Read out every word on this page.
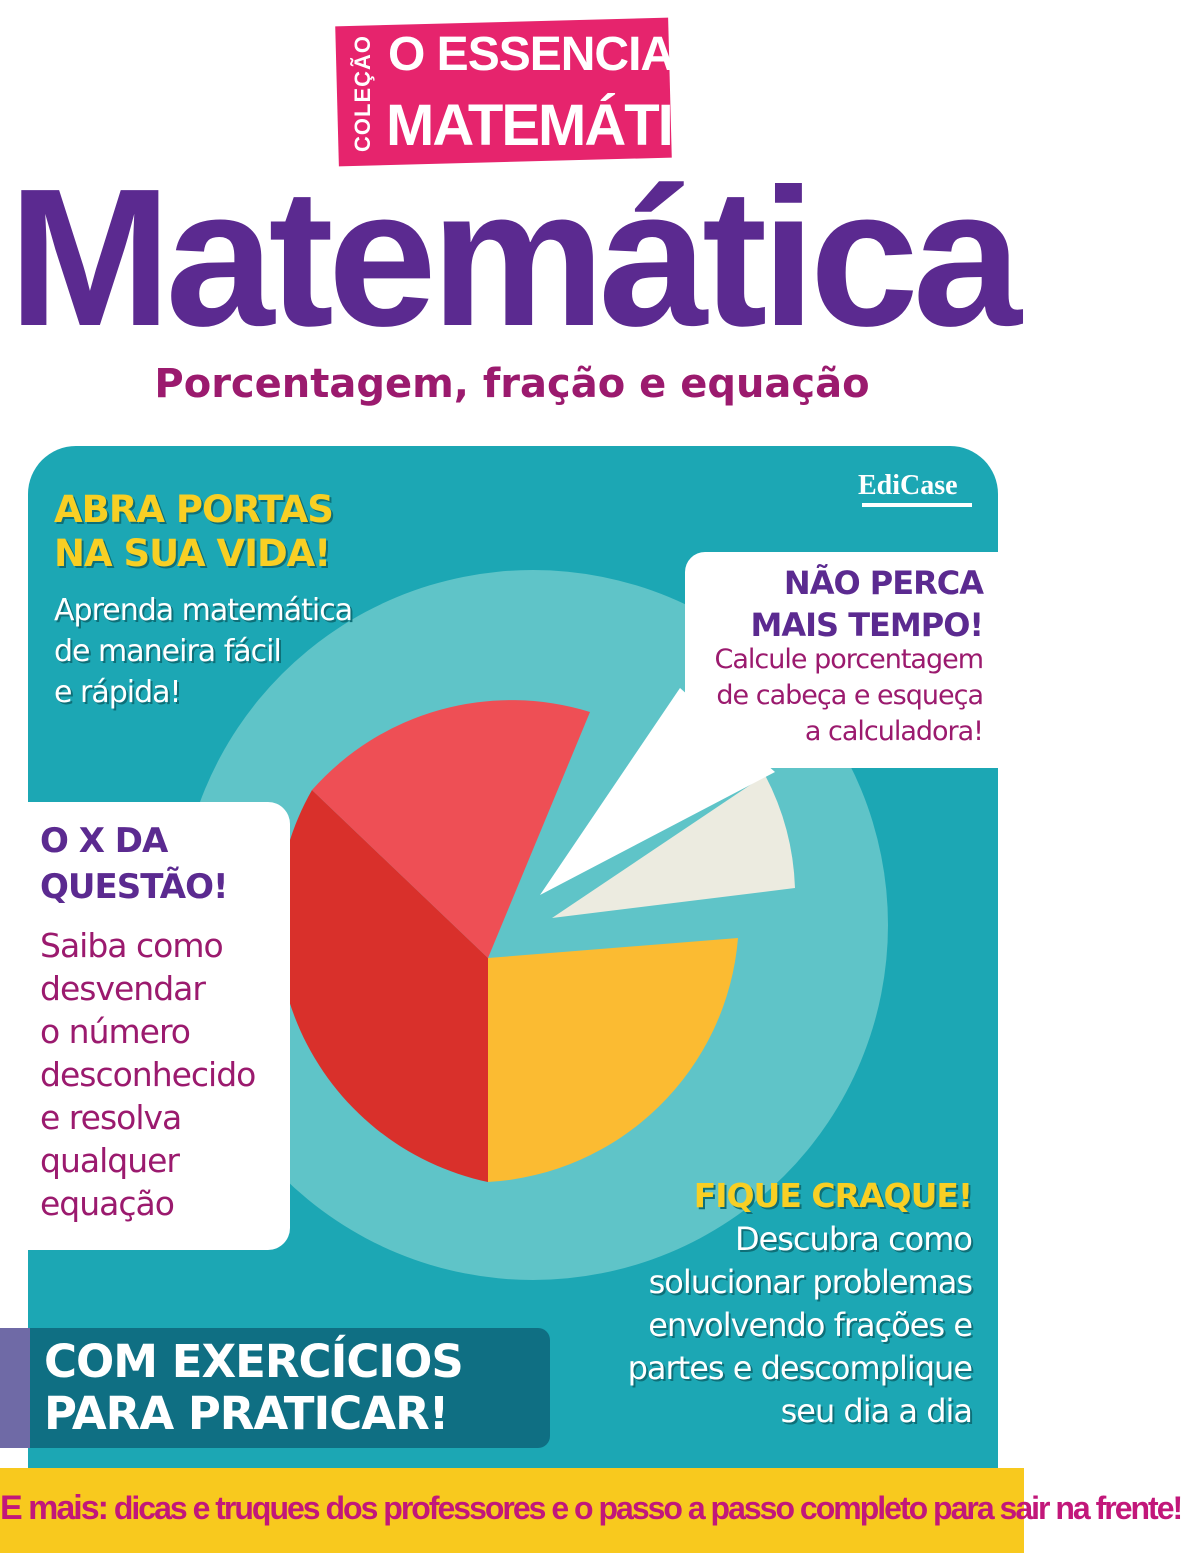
COLEÇÃO O ESSENCIAL DA
MATEMÁTICA
Matemática
Porcentagem, fração e equação
EdiCase
ABRA PORTAS
NA SUA VIDA!
Aprenda matemática
de maneira fácil
e rápida!
NÃO PERCA
MAIS TEMPO!
Calcule porcentagem
de cabeça e esqueça
a calculadora!
O X DA
QUESTÃO!
Saiba como
desvendar
o número
desconhecido
e resolva
qualquer
equação	FIQUE CRAQUE!
Descubra como
solucionar problemas
envolvendo frações e
partes e descomplique
seu dia a dia
COM EXERCÍCIOS
PARA PRATICAR!
E mais: dicas e truques dos professores e o passo a passo completo para sair na frente!
